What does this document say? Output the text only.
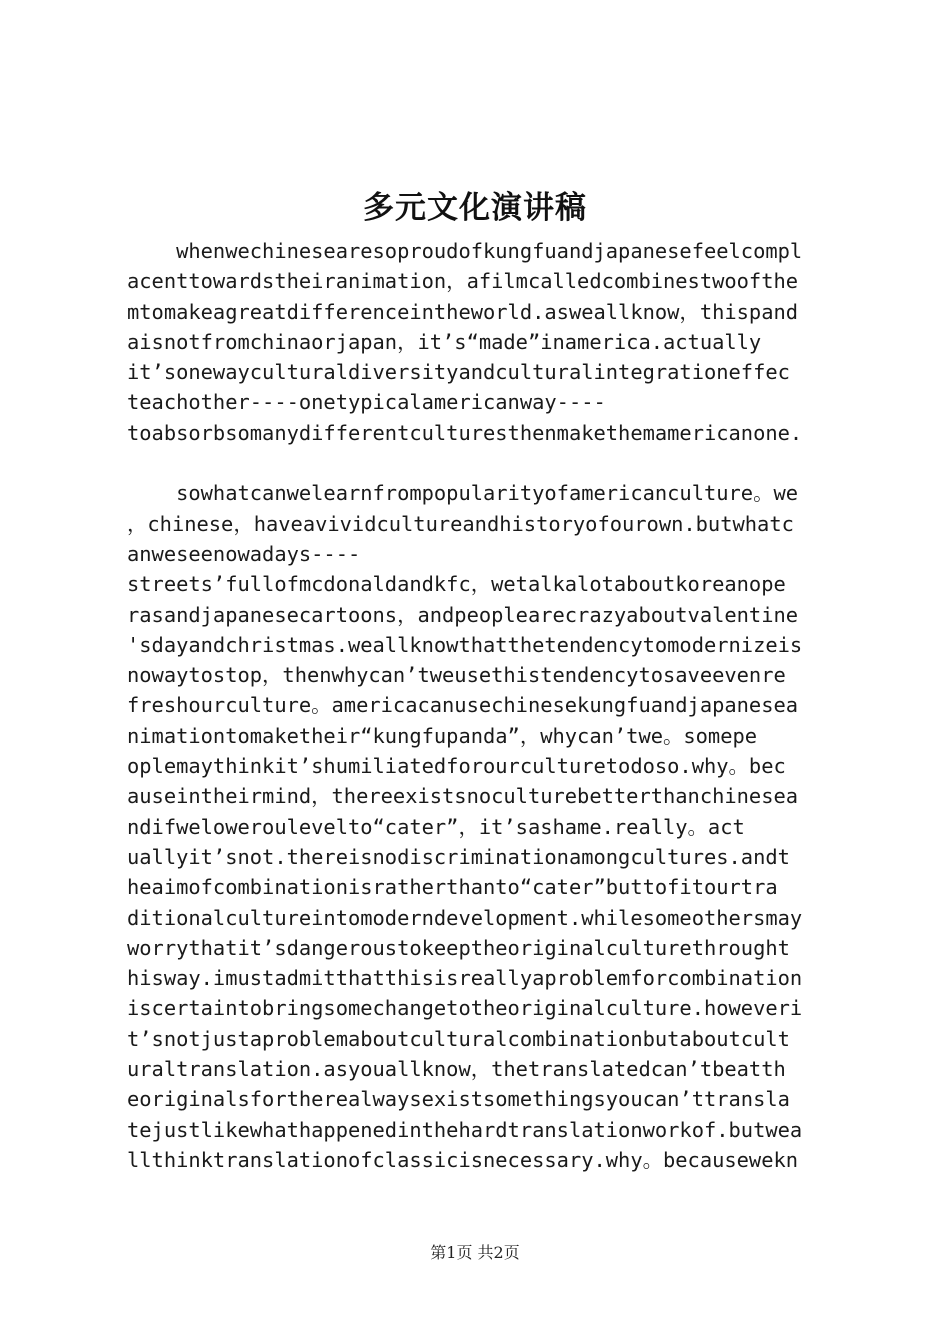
多元文化演讲稿
whenwechinesearesoproudofkungfuandjapanesefeelcompl
acenttowardstheiranimation，afilmcalledcombinestwoofthe
mtomakeagreatdifferenceintheworld.asweallknow，thispand
aisnotfromchinaorjapan，it’s“made”inamerica.actually
it’sonewayculturaldiversityandculturalintegrationeffec
teachother----onetypicalamericanway----
toabsorbsomanydifferentculturesthenmakethemamericanone.
sowhatcanwelearnfrompopularityofamericanculture。we
，chinese，haveavividcultureandhistoryofourown.butwhatc
anweseenowadays----
streets’fullofmcdonaldandkfc，wetalkalotaboutkoreanope
rasandjapanesecartoons，andpeoplearecrazyaboutvalentine
'sdayandchristmas.weallknowthatthetendencytomodernizeis
nowaytostop，thenwhycan’tweusethistendencytosaveevenre
freshourculture。americacanusechinesekungfuandjapanesea
nimationtomaketheir“kungfupanda”，whycan’twe。somepe
oplemaythinkit’shumiliatedforourculturetodoso.why。bec
auseintheirmind，thereexistsnoculturebetterthanchinesea
ndifweloweroulevelto“cater”，it’sashame.really。act
uallyit’snot.thereisnodiscriminationamongcultures.andt
heaimofcombinationisratherthanto“cater”buttofitourtra
ditionalcultureintomoderndevelopment.whilesomeothersmay
worrythatit’sdangeroustokeeptheoriginalculturethrought
hisway.imustadmitthatthisisreallyaproblemforcombination
iscertaintobringsomechangetotheoriginalculture.howeveri
t’snotjustaproblemaboutculturalcombinationbutaboutcult
uraltranslation.asyouallknow，thetranslatedcan’tbeatth
eoriginalsfortherealwaysexistsomethingsyoucan’ttransla
tejustlikewhathappenedinthehardtranslationworkof.butwea
llthinktranslationofclassicisnecessary.why。becausewekn
第1页 共2页
